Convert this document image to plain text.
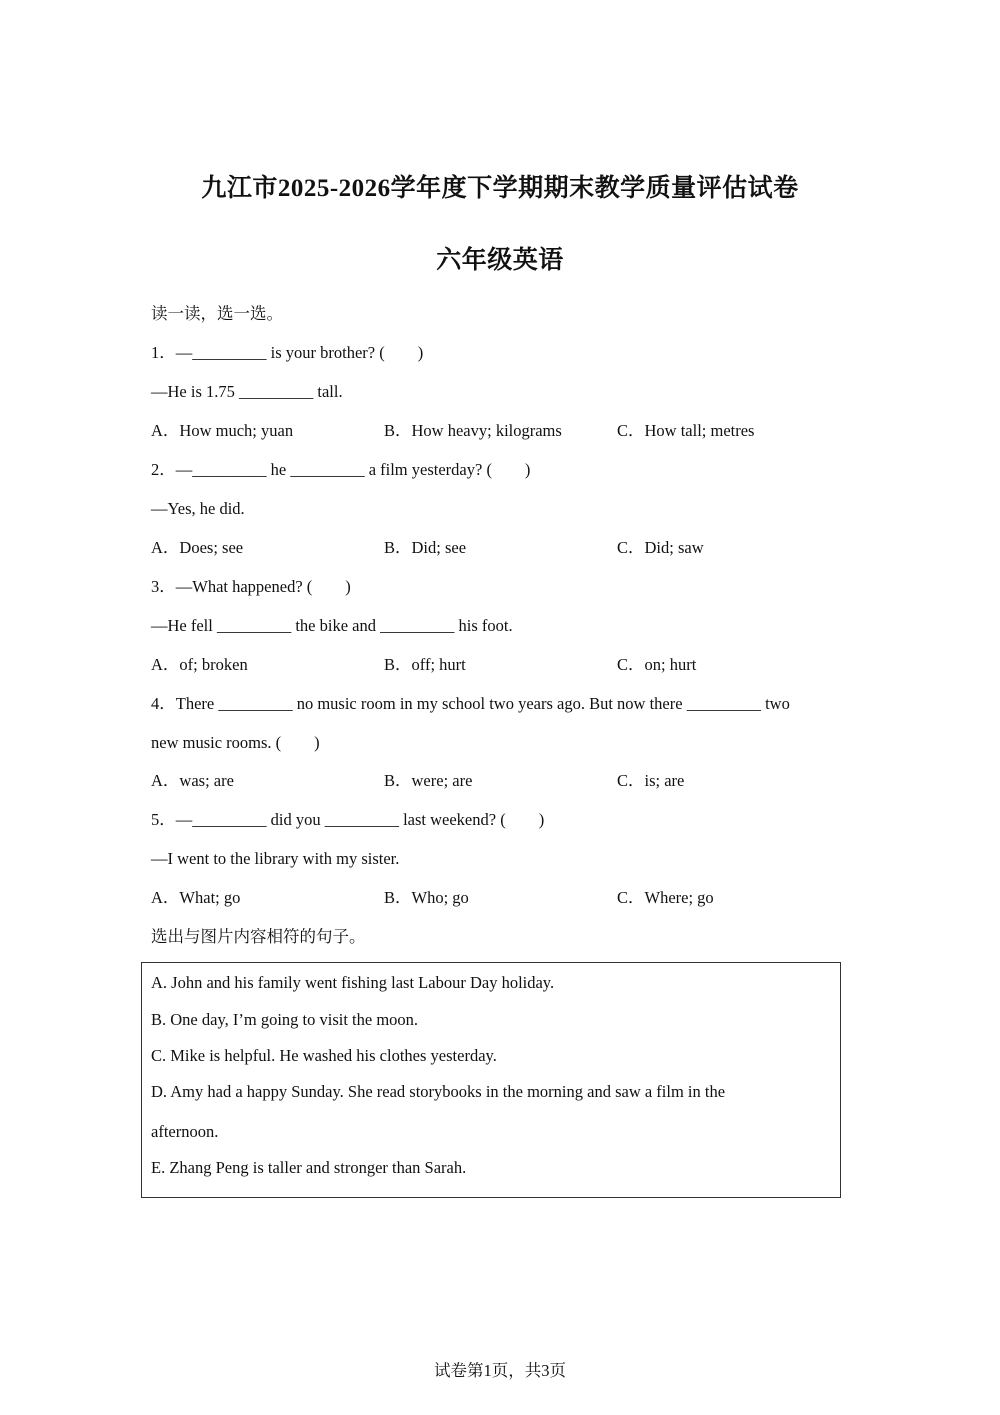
九江市2025-2026学年度下学期期末教学质量评估试卷
六年级英语
读一读，选一选。
1．—_________ is your brother? (　　)
—He is 1.75 _________ tall.
A．How much; yuan	B．How heavy; kilograms	C．How tall; metres
2．—_________ he _________ a film yesterday? (　　)
—Yes, he did.
A．Does; see	B．Did; see	C．Did; saw
3．—What happened? (　　)
—He fell _________ the bike and _________ his foot.
A．of; broken	B．off; hurt	C．on; hurt
4．There _________ no music room in my school two years ago. But now there _________ two
new music rooms. (　　)
A．was; are	B．were; are	C．is; are
5．—_________ did you _________ last weekend? (　　)
—I went to the library with my sister.
A．What; go	B．Who; go	C．Where; go
选出与图片内容相符的句子。
A. John and his family went fishing last Labour Day holiday.
B. One day, I’m going to visit the moon.
C. Mike is helpful. He washed his clothes yesterday.
D. Amy had a happy Sunday. She read storybooks in the morning and saw a film in the
afternoon.
E. Zhang Peng is taller and stronger than Sarah.
试卷第1页，共3页
